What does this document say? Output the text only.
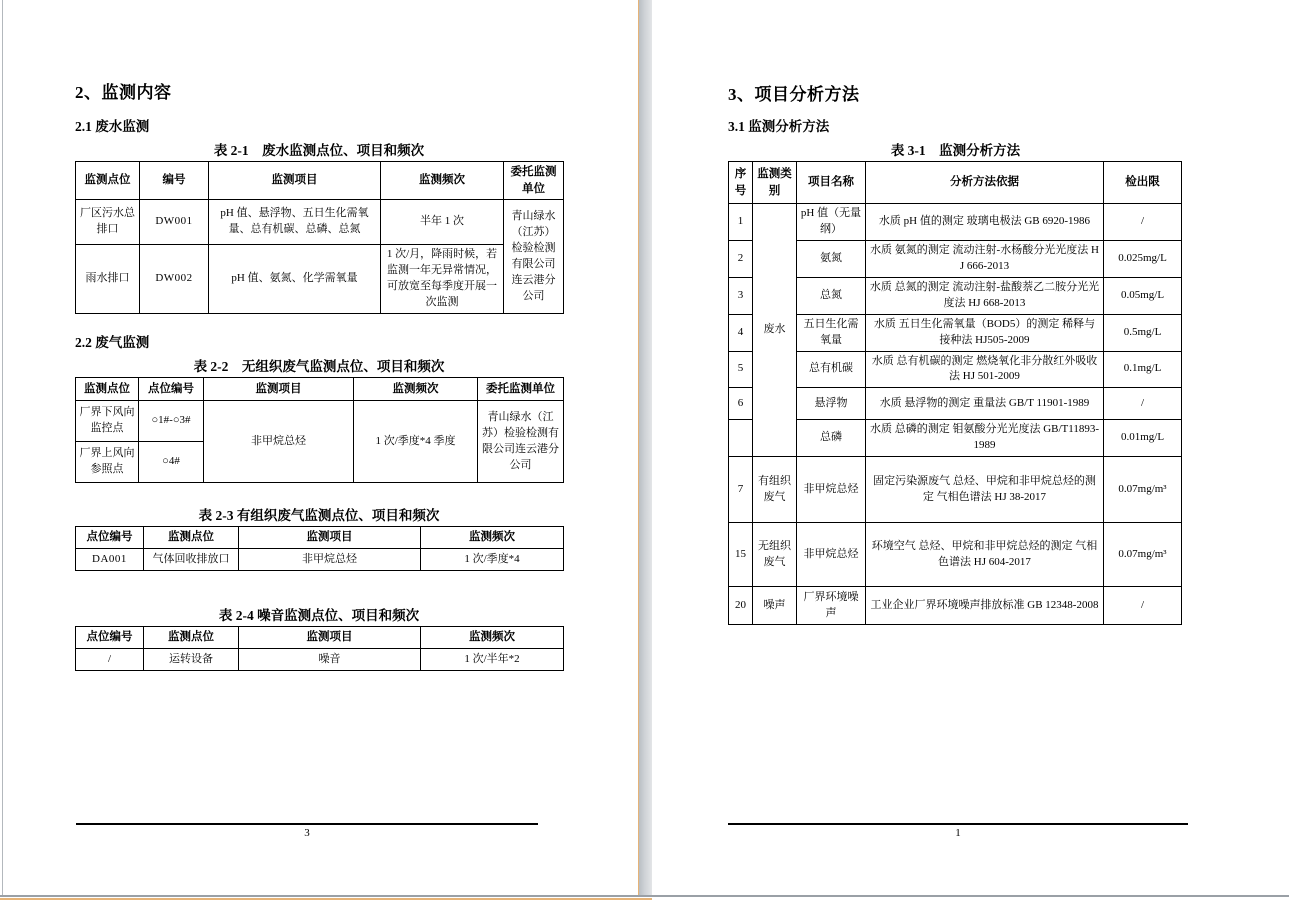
2、监测内容
2.1 废水监测
表 2-1　废水监测点位、项目和频次
监测点位	编号	监测项目	监测频次	委托监测单位
厂区污水总排口	DW001	pH 值、悬浮物、五日生化需氧量、总有机碳、总磷、总氮	半年 1 次	青山绿水（江苏）检验检测有限公司连云港分公司
雨水排口	DW002	pH 值、氨氮、化学需氧量	1 次/月，降雨时候，若监测一年无异常情况，可放宽至每季度开展一次监测	
2.2 废气监测
表 2-2　无组织废气监测点位、项目和频次
监测点位	点位编号	监测项目	监测频次	委托监测单位
厂界下风向监控点	○1#-○3#	非甲烷总烃	1 次/季度*4 季度	青山绿水（江苏）检验检测有限公司连云港分公司
厂界上风向参照点	○4#			
表 2-3 有组织废气监测点位、项目和频次
点位编号	监测点位	监测项目	监测频次
DA001	气体回收排放口	非甲烷总烃	1 次/季度*4
表 2-4 噪音监测点位、项目和频次
点位编号	监测点位	监测项目	监测频次
/	运转设备	噪音	1 次/半年*2
3
3、项目分析方法
3.1 监测分析方法
表 3-1　监测分析方法
序号	监测类别	项目名称	分析方法依据	检出限
1	废水	pH 值（无量纲）	水质 pH 值的测定 玻璃电极法 GB 6920-1986	/
2		氨氮	水质 氨氮的测定 流动注射-水杨酸分光光度法 HJ 666-2013	0.025mg/L
3		总氮	水质 总氮的测定 流动注射-盐酸萘乙二胺分光光度法 HJ 668-2013	0.05mg/L
4		五日生化需氧量	水质 五日生化需氧量（BOD5）的测定 稀释与接种法 HJ505-2009	0.5mg/L
5		总有机碳	水质 总有机碳的测定 燃烧氧化非分散红外吸收法 HJ 501-2009	0.1mg/L
6		悬浮物	水质 悬浮物的测定 重量法 GB/T 11901-1989	/
		总磷	水质 总磷的测定 钼氨酸分光光度法 GB/T11893-1989	0.01mg/L
7	有组织废气	非甲烷总烃	固定污染源废气 总烃、甲烷和非甲烷总烃的测定 气相色谱法 HJ 38-2017	0.07mg/m³
15	无组织废气	非甲烷总烃	环境空气 总烃、甲烷和非甲烷总烃的测定 气相色谱法 HJ 604-2017	0.07mg/m³
20	噪声	厂界环境噪声	工业企业厂界环境噪声排放标准 GB 12348-2008	/
1
